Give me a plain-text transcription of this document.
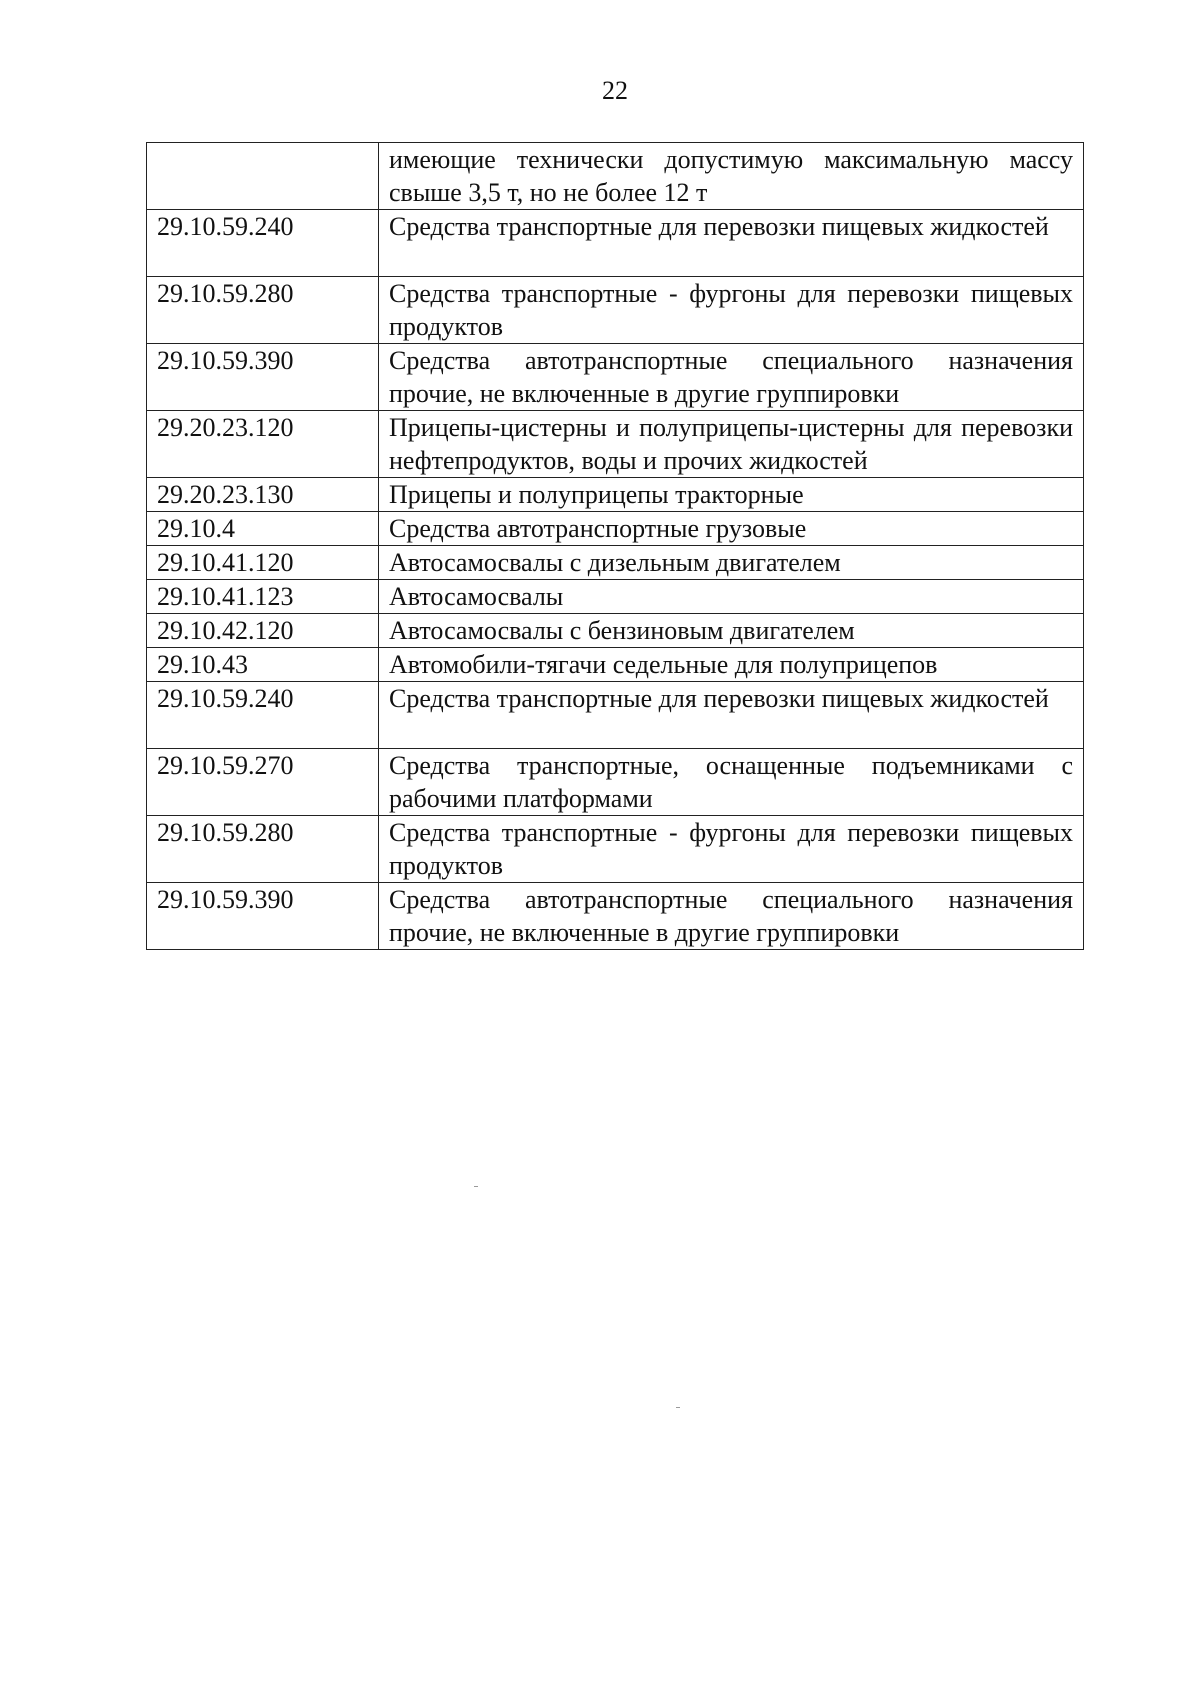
22
	имеющие технически допустимую максимальную массу свыше 3,5 т, но не более 12 т
29.10.59.240	Средства транспортные для перевозки пищевых жидкостей
29.10.59.280	Средства транспортные - фургоны для перевозки пищевых продуктов
29.10.59.390	Средства автотранспортные специального назначения прочие, не включенные в другие группировки
29.20.23.120	Прицепы-цистерны и полуприцепы-цистерны для перевозки нефтепродуктов, воды и прочих жидкостей
29.20.23.130	Прицепы и полуприцепы тракторные
29.10.4	Средства автотранспортные грузовые
29.10.41.120	Автосамосвалы с дизельным двигателем
29.10.41.123	Автосамосвалы
29.10.42.120	Автосамосвалы с бензиновым двигателем
29.10.43	Автомобили-тягачи седельные для полуприцепов
29.10.59.240	Средства транспортные для перевозки пищевых жидкостей
29.10.59.270	Средства транспортные, оснащенные подъемниками с рабочими платформами
29.10.59.280	Средства транспортные - фургоны для перевозки пищевых продуктов
29.10.59.390	Средства автотранспортные специального назначения прочие, не включенные в другие группировки
